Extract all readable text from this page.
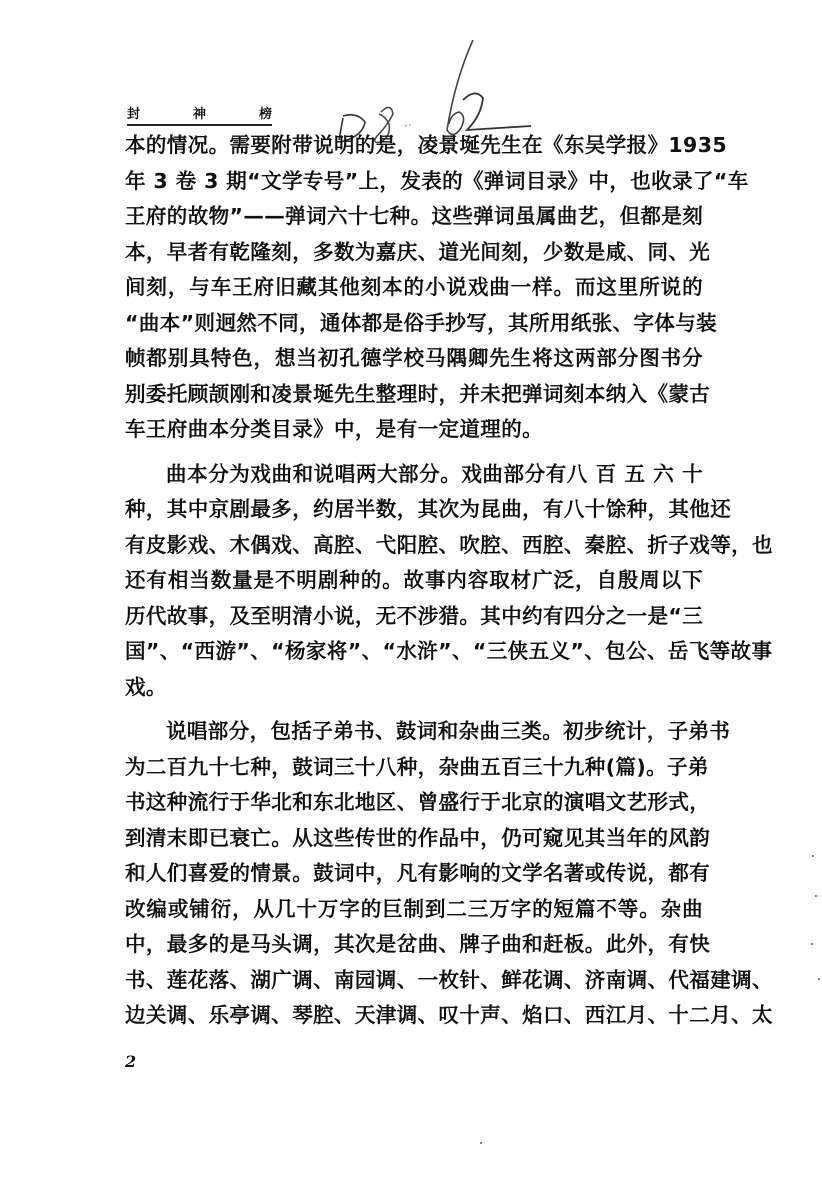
封	神	榜

本的情况。需要附带说明的是，凌景埏先生在《东吴学报》1935
年 3 卷 3 期“文学专号”上，发表的《弹词目录》中，也收录了“车
王府的故物”——弹词六十七种。这些弹词虽属曲艺，但都是刻
本，早者有乾隆刻，多数为嘉庆、道光间刻，少数是咸、同、光
间刻，与车王府旧藏其他刻本的小说戏曲一样。而这里所说的
“曲本”则迥然不同，通体都是俗手抄写，其所用纸张、字体与装
帧都别具特色，想当初孔德学校马隅卿先生将这两部分图书分
别委托顾颉刚和凌景埏先生整理时，并未把弹词刻本纳入《蒙古
车王府曲本分类目录》中，是有一定道理的。

曲本分为戏曲和说唱两大部分。戏曲部分有八 百 五 六 十
种，其中京剧最多，约居半数，其次为昆曲，有八十馀种，其他还
有皮影戏、木偶戏、高腔、弋阳腔、吹腔、西腔、秦腔、折子戏等，也
还有相当数量是不明剧种的。故事内容取材广泛，自殷周以下
历代故事，及至明清小说，无不涉猎。其中约有四分之一是“三
国”、“西游”、“杨家将”、“水浒”、“三侠五义”、包公、岳飞等故事
戏。

说唱部分，包括子弟书、鼓词和杂曲三类。初步统计，子弟书
为二百九十七种，鼓词三十八种，杂曲五百三十九种(篇)。子弟
书这种流行于华北和东北地区、曾盛行于北京的演唱文艺形式，
到清末即已衰亡。从这些传世的作品中，仍可窥见其当年的风韵
和人们喜爱的情景。鼓词中，凡有影响的文学名著或传说，都有
改编或铺衍，从几十万字的巨制到二三万字的短篇不等。杂曲
中，最多的是马头调，其次是岔曲、牌子曲和赶板。此外，有快
书、莲花落、湖广调、南园调、一枚针、鲜花调、济南调、代福建调、
边关调、乐亭调、琴腔、天津调、叹十声、焰口、西江月、十二月、太

2
